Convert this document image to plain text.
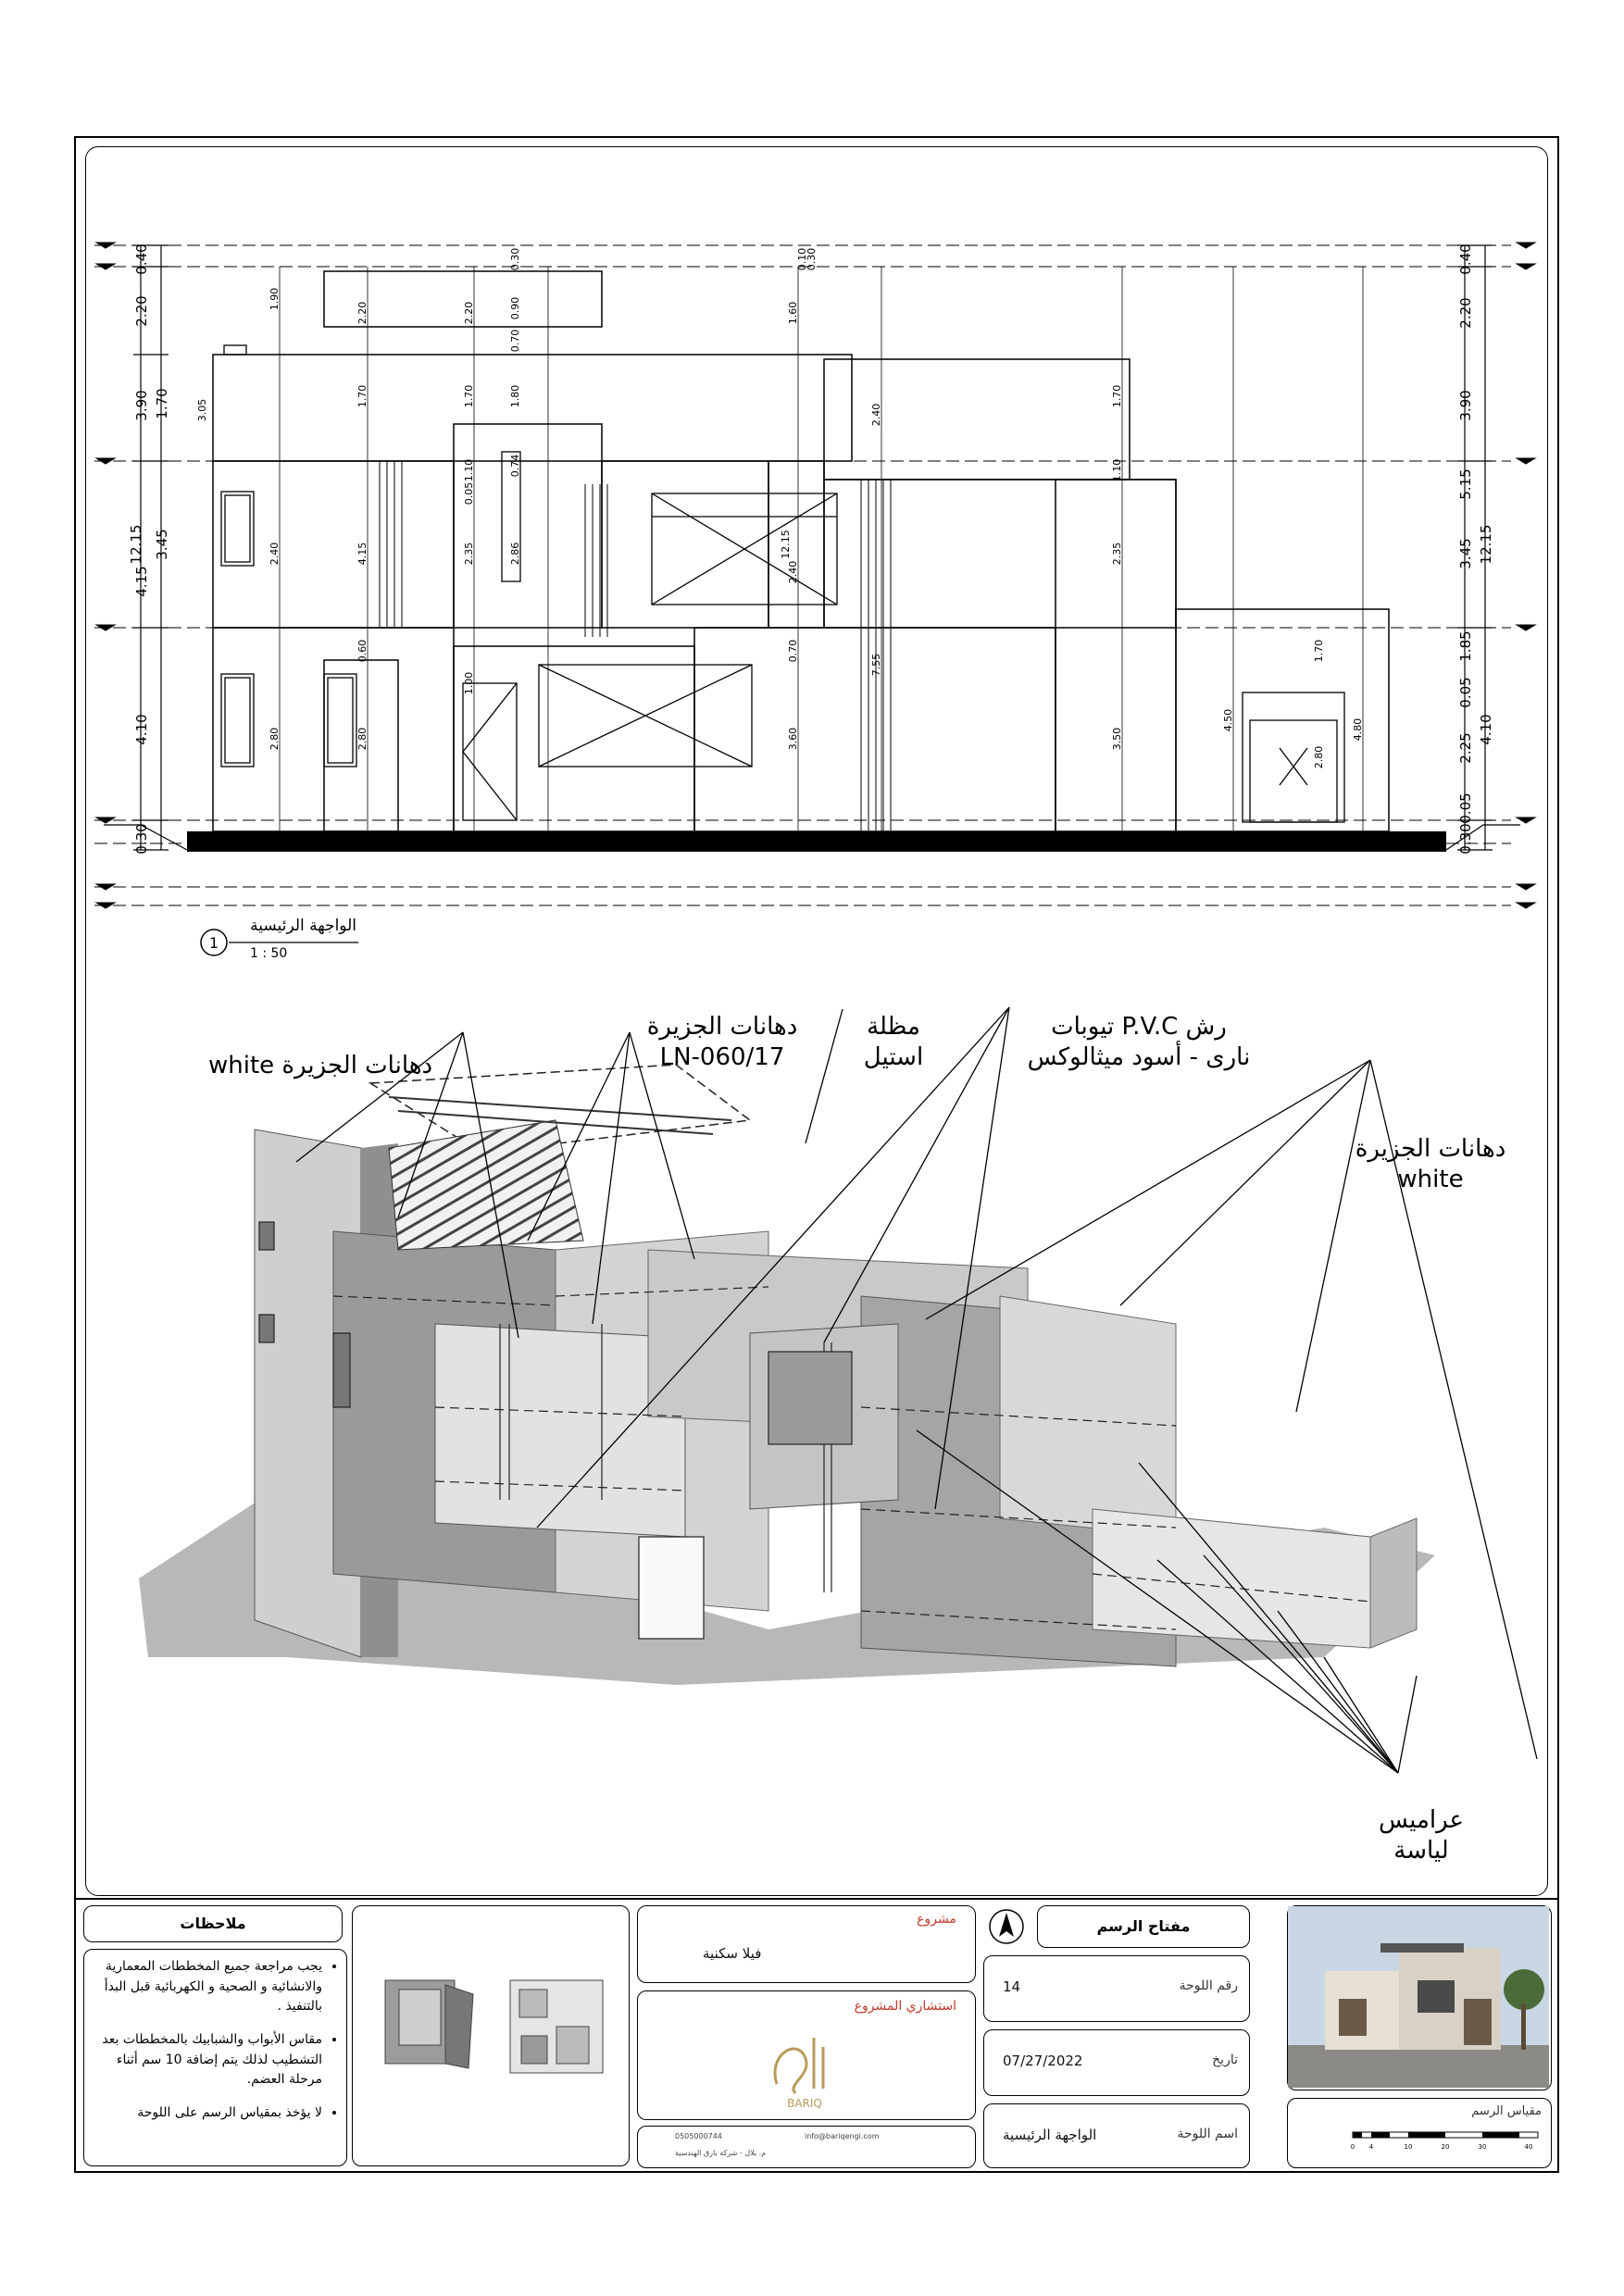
0.40
2.20
3.90 1.70
12.15 3.45
4.15
4.10
0.30
0.40
2.20
3.90
5.15
3.45 12.15
1.85
0.05
2.25
4.10
0.05
0.30
1.90
2.20	2.20
0.30
0.90
0.70
1.60
0.10
0.30
3.05
1.70	1.70	1.80
2.40
1.70
0.74
0.05
1.10	1.10
2.40	4.15	2.35	2.86	12.15
2.40
2.35
0.60
1.00
0.70
7.55
1.70
2.80	2.80	3.60	3.50
4.50	4.80
2.80
1
الواجهة الرئيسية
1 : 50
دهانات الجزيرة white
دهانات الجزيرة
LN-060/17
مظلة
استيل
رش P.V.C تيوبات
نارى - أسود ميثالوكس
دهانات الجزيرة
white
عراميس
لياسة
ملاحظات
• يجب مراجعة جميع المخططات المعمارية والانشائية و الصحية و الكهربائية قبل البدأ بالتنفيذ .
• مقاس الأبواب والشبابيك بالمخططات بعد التشطيب لذلك يتم إضافة 10 سم أثناء مرحلة العضم.
• لا يؤخذ بمقياس الرسم على اللوحة
مشروع
فيلا سكنية
استشاري المشروع
BARIQ
0505000744	info@bariqengi.com
م. بلال - شركة بارق الهندسية
مفتاح الرسم
رقم اللوحة
14
تاريخ
07/27/2022
اسم اللوحة
الواجهة الرئيسية
مقياس الرسم
0 4	10	20	30	40
